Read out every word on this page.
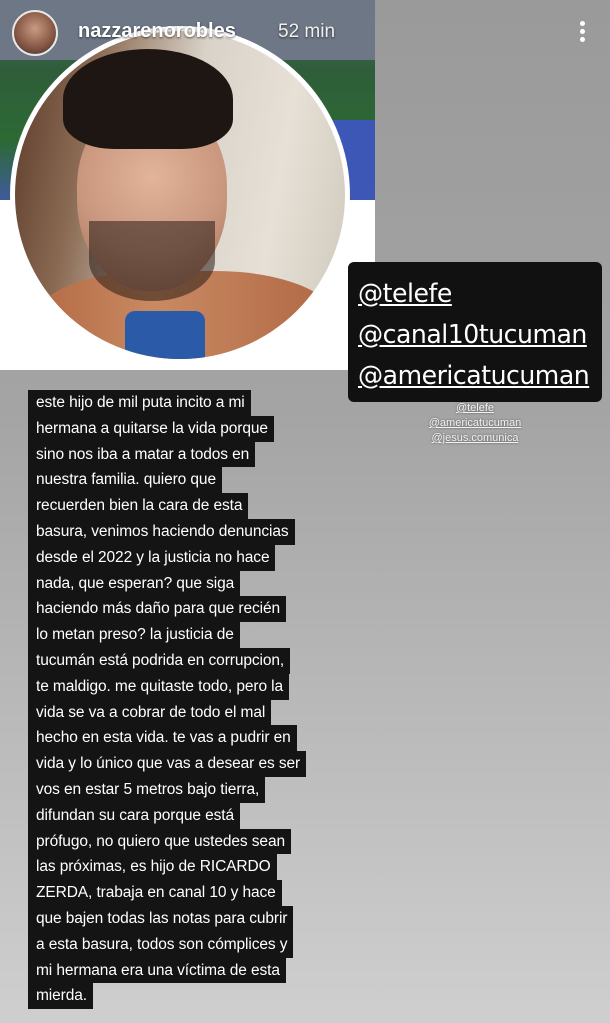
nazzarenorobles 52 min
@telefe
@canal10tucuman
@americatucuman
@telefe
@americatucuman
@jesus.comunica
este hijo de mil puta incito a mi
hermana a quitarse la vida porque
sino nos iba a matar a todos en
nuestra familia. quiero que
recuerden bien la cara de esta
basura, venimos haciendo denuncias
desde el 2022 y la justicia no hace
nada, que esperan? que siga
haciendo más daño para que recién
lo metan preso? la justicia de
tucumán está podrida en corrupcion,
te maldigo. me quitaste todo, pero la
vida se va a cobrar de todo el mal
hecho en esta vida. te vas a pudrir en
vida y lo único que vas a desear es ser
vos en estar 5 metros bajo tierra,
difundan su cara porque está
prófugo, no quiero que ustedes sean
las próximas, es hijo de RICARDO
ZERDA, trabaja en canal 10 y hace
que bajen todas las notas para cubrir
a esta basura, todos son cómplices y
mi hermana era una víctima de esta
mierda.
